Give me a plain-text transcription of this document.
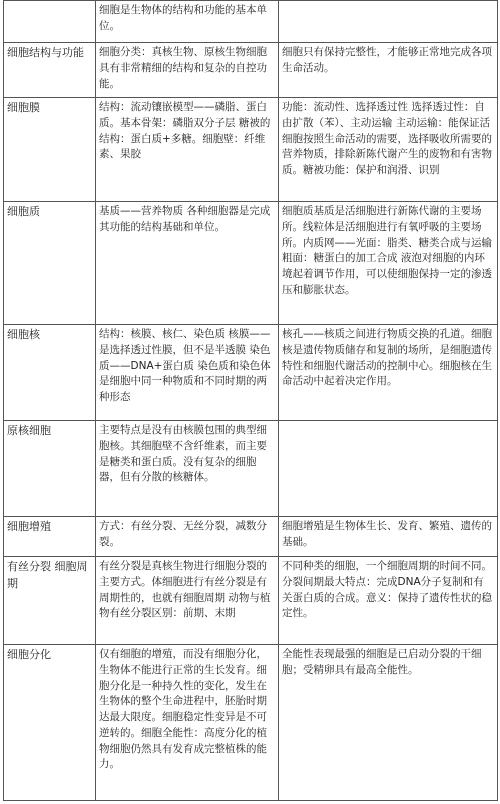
	细胞是生物体的结构和功能的基本单位。	
细胞结构与功能	细胞分类：真核生物、原核生物细胞具有非常精细的结构和复杂的自控功能。	细胞只有保持完整性，才能够正常地完成各项生命活动。
细胞膜	结构：流动镶嵌模型——磷脂、蛋白质。基本骨架：磷脂双分子层 糖被的结构：蛋白质+多糖。细胞壁：纤维素、果胶	功能：流动性、选择透过性 选择透过性：自由扩散（苯）、主动运输 主动运输：能保证活细胞按照生命活动的需要，选择吸收所需要的营养物质，排除新陈代谢产生的废物和有害物质。糖被功能：保护和润滑、识别
细胞质	基质——营养物质 各种细胞器是完成其功能的结构基础和单位。	细胞质基质是活细胞进行新陈代谢的主要场所。线粒体是活细胞进行有氧呼吸的主要场所。内质网——光面：脂类、糖类合成与运输 粗面：糖蛋白的加工合成 液泡对细胞的内环境起着调节作用，可以使细胞保持一定的渗透压和膨胀状态。
细胞核	结构：核膜、核仁、染色质 核膜——是选择透过性膜，但不是半透膜 染色质——DNA+蛋白质 染色质和染色体是细胞中同一种物质和不同时期的两种形态	核孔——核质之间进行物质交换的孔道。细胞核是遗传物质储存和复制的场所，是细胞遗传特性和细胞代谢活动的控制中心。细胞核在生命活动中起着决定作用。
原核细胞	主要特点是没有由核膜包围的典型细胞核。其细胞壁不含纤维素，而主要是糖类和蛋白质。没有复杂的细胞器，但有分散的核糖体。	
细胞增殖	方式：有丝分裂、无丝分裂，减数分裂。	细胞增殖是生物体生长、发育、繁殖、遗传的基础。
有丝分裂 细胞周期	有丝分裂是真核生物进行细胞分裂的主要方式。体细胞进行有丝分裂是有周期性的，也就有细胞周期 动物与植物有丝分裂区别：前期、末期	不同种类的细胞，一个细胞周期的时间不同。分裂间期最大特点：完成DNA分子复制和有关蛋白质的合成。意义：保持了遗传性状的稳定性。
细胞分化	仅有细胞的增殖，而没有细胞分化，生物体不能进行正常的生长发育。细胞分化是一种持久性的变化，发生在生物体的整个生命进程中，胚胎时期达最大限度。细胞稳定性变异是不可逆转的。细胞全能性：高度分化的植物细胞仍然具有发育成完整植株的能力。	全能性表现最强的细胞是已启动分裂的干细胞；受精卵具有最高全能性。
